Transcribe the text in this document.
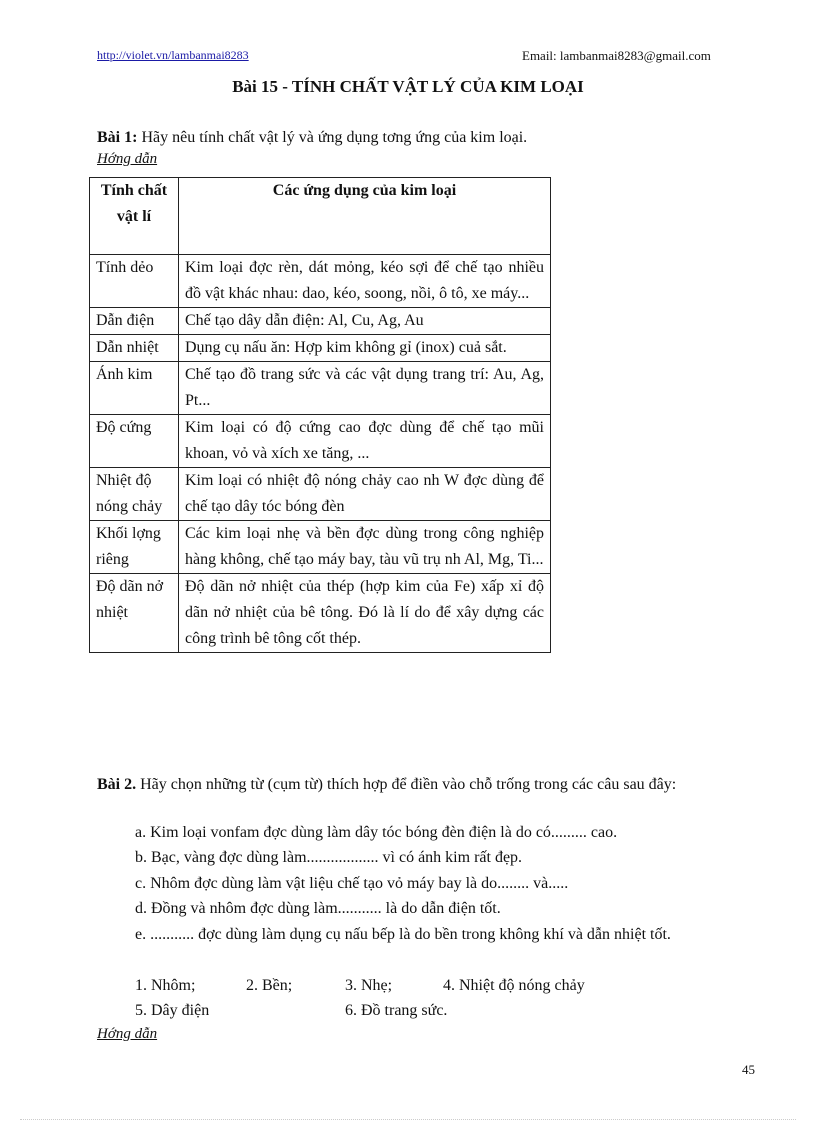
http://violet.vn/lambanmai8283	Email: lambanmai8283@gmail.com
Bài 15 - TÍNH CHẤT VẬT LÝ CỦA KIM LOẠI
Bài 1: Hãy nêu tính chất vật lý và ứng dụng tơng ứng của kim loại.
Hớng dẫn
Tính chất vật lí	Các ứng dụng của kim loại
Tính dẻo	Kim loại đợc rèn, dát mỏng, kéo sợi để chế tạo nhiều đồ vật khác nhau: dao, kéo, soong, nồi, ô tô, xe máy...
Dẫn điện	Chế tạo dây dẫn điện: Al, Cu, Ag, Au
Dẫn nhiệt	Dụng cụ nấu ăn: Hợp kim không gỉ (inox) cuả sắt.
Ánh kim	Chế tạo đồ trang sức và các vật dụng trang trí: Au, Ag, Pt...
Độ cứng	Kim loại có độ cứng cao đợc dùng để chế tạo mũi khoan, vỏ và xích xe tăng, ...
Nhiệt độ nóng chảy	Kim loại có nhiệt độ nóng chảy cao nh W đợc dùng để chế tạo dây tóc bóng đèn
Khối lợng riêng	Các kim loại nhẹ và bền đợc dùng trong công nghiệp hàng không, chế tạo máy bay, tàu vũ trụ nh Al, Mg, Ti...
Độ dãn nở nhiệt	Độ dãn nở nhiệt của thép (hợp kim của Fe) xấp xỉ độ dãn nở nhiệt của bê tông. Đó là lí do để xây dựng các công trình bê tông cốt thép.
Bài 2. Hãy chọn những từ (cụm từ) thích hợp để điền vào chỗ trống trong các câu sau đây:
a. Kim loại vonfam đợc dùng làm dây tóc bóng đèn điện là do có......... cao.
b. Bạc, vàng đợc dùng làm.................. vì có ánh kim rất đẹp.
c. Nhôm đợc dùng làm vật liệu chế tạo vỏ máy bay là do........ và.....
d. Đồng và nhôm đợc dùng làm........... là do dẫn điện tốt.
e. ........... đợc dùng làm dụng cụ nấu bếp là do bền trong không khí và dẫn nhiệt tốt.
1. Nhôm;	2. Bền;	3. Nhẹ;	4. Nhiệt độ nóng chảy
5. Dây điện	6. Đồ trang sức.
Hớng dẫn
45
